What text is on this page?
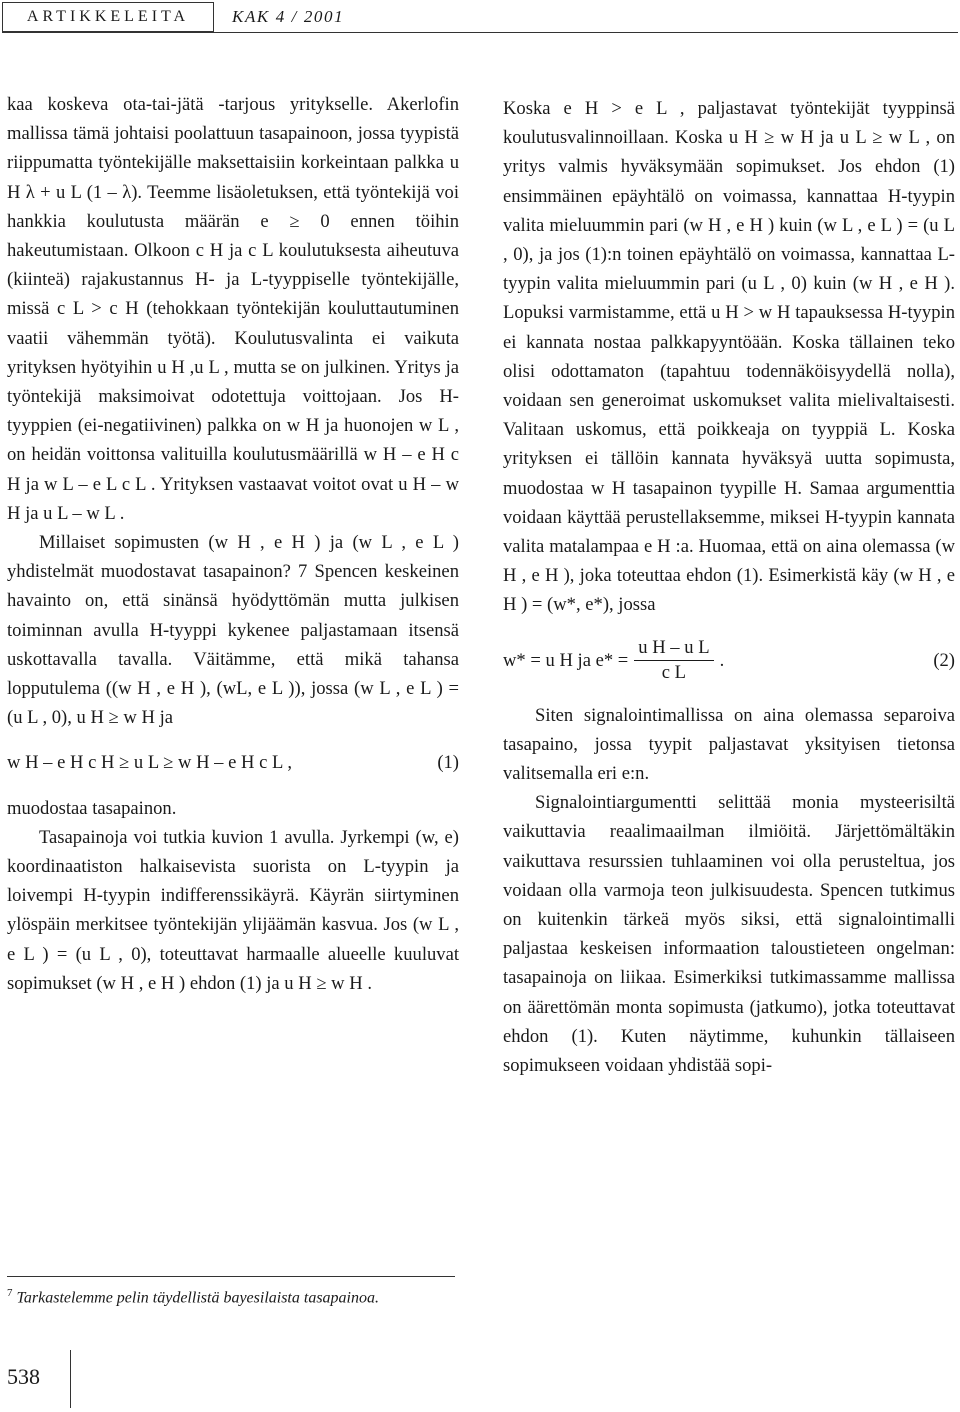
ARTIKKELEITA	KAK 4 / 2001

kaa koskeva ota-tai-jätä -tarjous yritykselle. Akerlofin mallissa tämä johtaisi poolattuun tasapainoon, jossa tyypistä riippumatta työntekijälle maksettaisiin korkeintaan palkka u H λ + u L (1 – λ). Teemme lisäoletuksen, että työntekijä voi hankkia koulutusta määrän e ≥ 0 ennen töihin hakeutumistaan. Olkoon c H ja c L koulutuksesta aiheutuva (kiinteä) rajakustannus H- ja L-tyyppiselle työntekijälle, missä c L > c H (tehokkaan työntekijän kouluttautuminen vaatii vähemmän työtä). Koulutusvalinta ei vaikuta yrityksen hyötyihin u H ,u L , mutta se on julkinen. Yritys ja työntekijä maksimoivat odotettuja voittojaan. Jos H-tyyppien (ei-negatiivinen) palkka on w H ja huonojen w L , on heidän voittonsa valituilla koulutusmäärillä w H – e H c H ja w L – e L c L . Yrityksen vastaavat voitot ovat u H – w H ja u L – w L .

Millaiset sopimusten (w H , e H ) ja (w L , e L ) yhdistelmät muodostavat tasapainon? 7 Spencen keskeinen havainto on, että sinänsä hyödyttömän mutta julkisen toiminnan avulla H-tyyppi kykenee paljastamaan itsensä uskottavalla tavalla. Väitämme, että mikä tahansa lopputulema ((w H , e H ), (wL, e L )), jossa (w L , e L ) = (u L , 0), u H ≥ w H ja

w H – e H c H ≥ u L ≥ w H – e H c L ,	(1)

muodostaa tasapainon.

Tasapainoja voi tutkia kuvion 1 avulla. Jyrkempi (w, e) koordinaatiston halkaisevista suorista on L-tyypin ja loivempi H-tyypin indifferenssikäyrä. Käyrän siirtyminen ylöspäin merkitsee työntekijän ylijäämän kasvua. Jos (w L , e L ) = (u L , 0), toteuttavat harmaalle alueelle kuuluvat sopimukset (w H , e H ) ehdon (1) ja u H ≥ w H .

Koska e H > e L , paljastavat työntekijät tyyppinsä koulutusvalinnoillaan. Koska u H ≥ w H ja u L ≥ w L , on yritys valmis hyväksymään sopimukset. Jos ehdon (1) ensimmäinen epäyhtälö on voimassa, kannattaa H-tyypin valita mieluummin pari (w H , e H ) kuin (w L , e L ) = (u L , 0), ja jos (1):n toinen epäyhtälö on voimassa, kannattaa L-tyypin valita mieluummin pari (u L , 0) kuin (w H , e H ). Lopuksi varmistamme, että u H > w H tapauksessa H-tyypin ei kannata nostaa palkkapyyntöään. Koska tällainen teko olisi odottamaton (tapahtuu todennäköisyydellä nolla), voidaan sen generoimat uskomukset valita mielivaltaisesti. Valitaan uskomus, että poikkeaja on tyyppiä L. Koska yrityksen ei tällöin kannata hyväksyä uutta sopimusta, muodostaa w H tasapainon tyypille H. Samaa argumenttia voidaan käyttää perustellaksemme, miksei H-tyypin kannata valita matalampaa e H :a. Huomaa, että on aina olemassa (w H , e H ), joka toteuttaa ehdon (1). Esimerkistä käy (w H , e H ) = (w*, e*), jossa

w* = u H ja $e* = \frac{\text{u H – u L}}{\text{c L}}$ .	(2)

Siten signalointimallissa on aina olemassa separoiva tasapaino, jossa tyypit paljastavat yksityisen tietonsa valitsemalla eri e:n.

Signalointiargumentti selittää monia mysteerisiltä vaikuttavia reaalimaailman ilmiöitä. Järjettömältäkin vaikuttava resurssien tuhlaaminen voi olla perusteltua, jos voidaan olla varmoja teon julkisuudesta. Spencen tutkimus on kuitenkin tärkeä myös siksi, että signalointimalli paljastaa keskeisen informaation taloustieteen ongelman: tasapainoja on liikaa. Esimerkiksi tutkimassamme mallissa on äärettömän monta sopimusta (jatkumo), jotka toteuttavat ehdon (1). Kuten näytimme, kuhunkin tällaiseen sopimukseen voidaan yhdistää sopi-

$^7$ Tarkastelemme pelin täydellistä bayesilaista tasapainoa.
538
